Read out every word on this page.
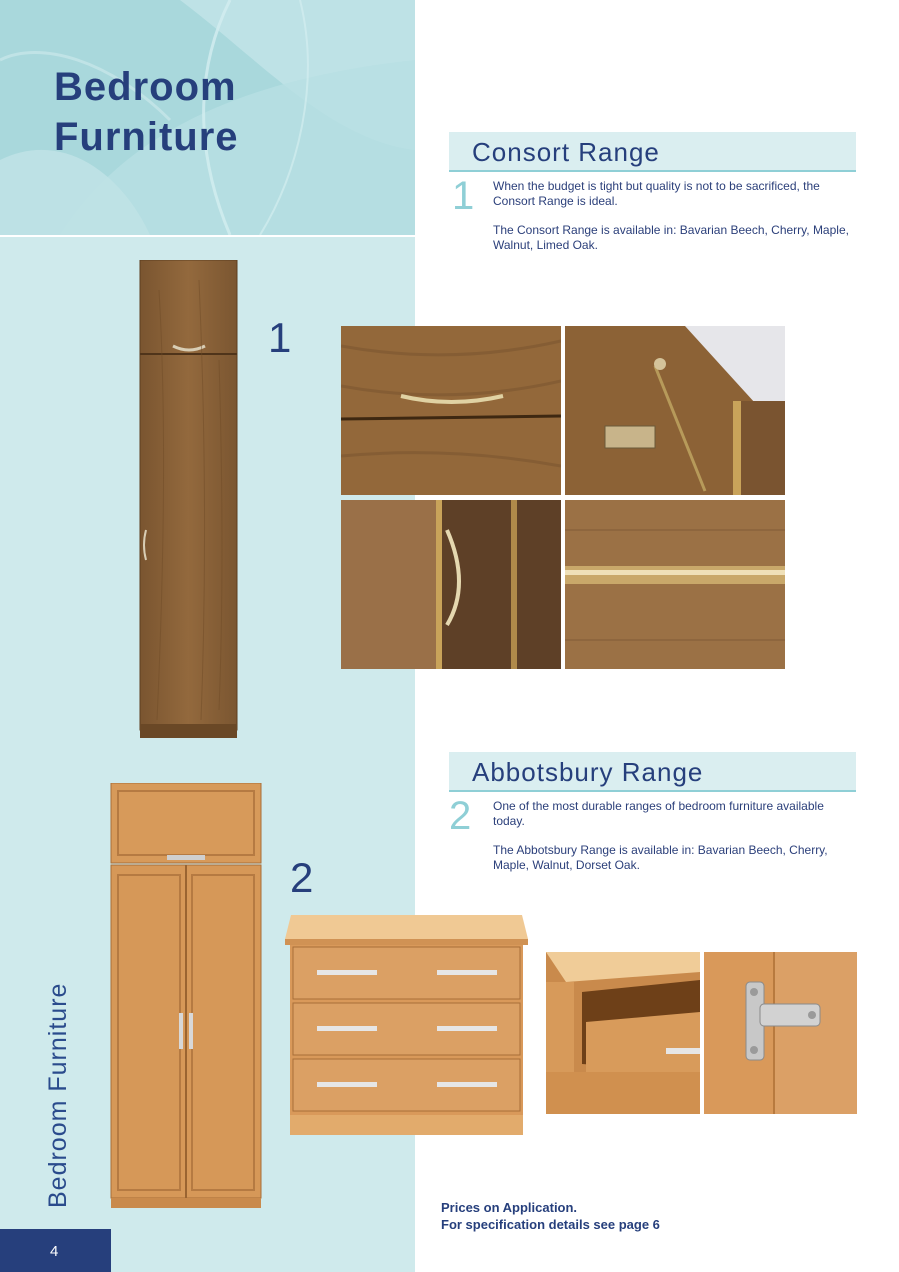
Bedroom
Furniture
Bedroom Furniture
4
Consort Range
1 When the budget is tight but quality is not to be sacrificed, the Consort Range is ideal.

The Consort Range is available in: Bavarian Beech, Cherry, Maple, Walnut, Limed Oak.

1
Abbotsbury Range
2 One of the most durable ranges of bedroom furniture available today.

The Abbotsbury Range is available in: Bavarian Beech, Cherry, Maple, Walnut, Dorset Oak.

2
Prices on Application.
For specification details see page 6
